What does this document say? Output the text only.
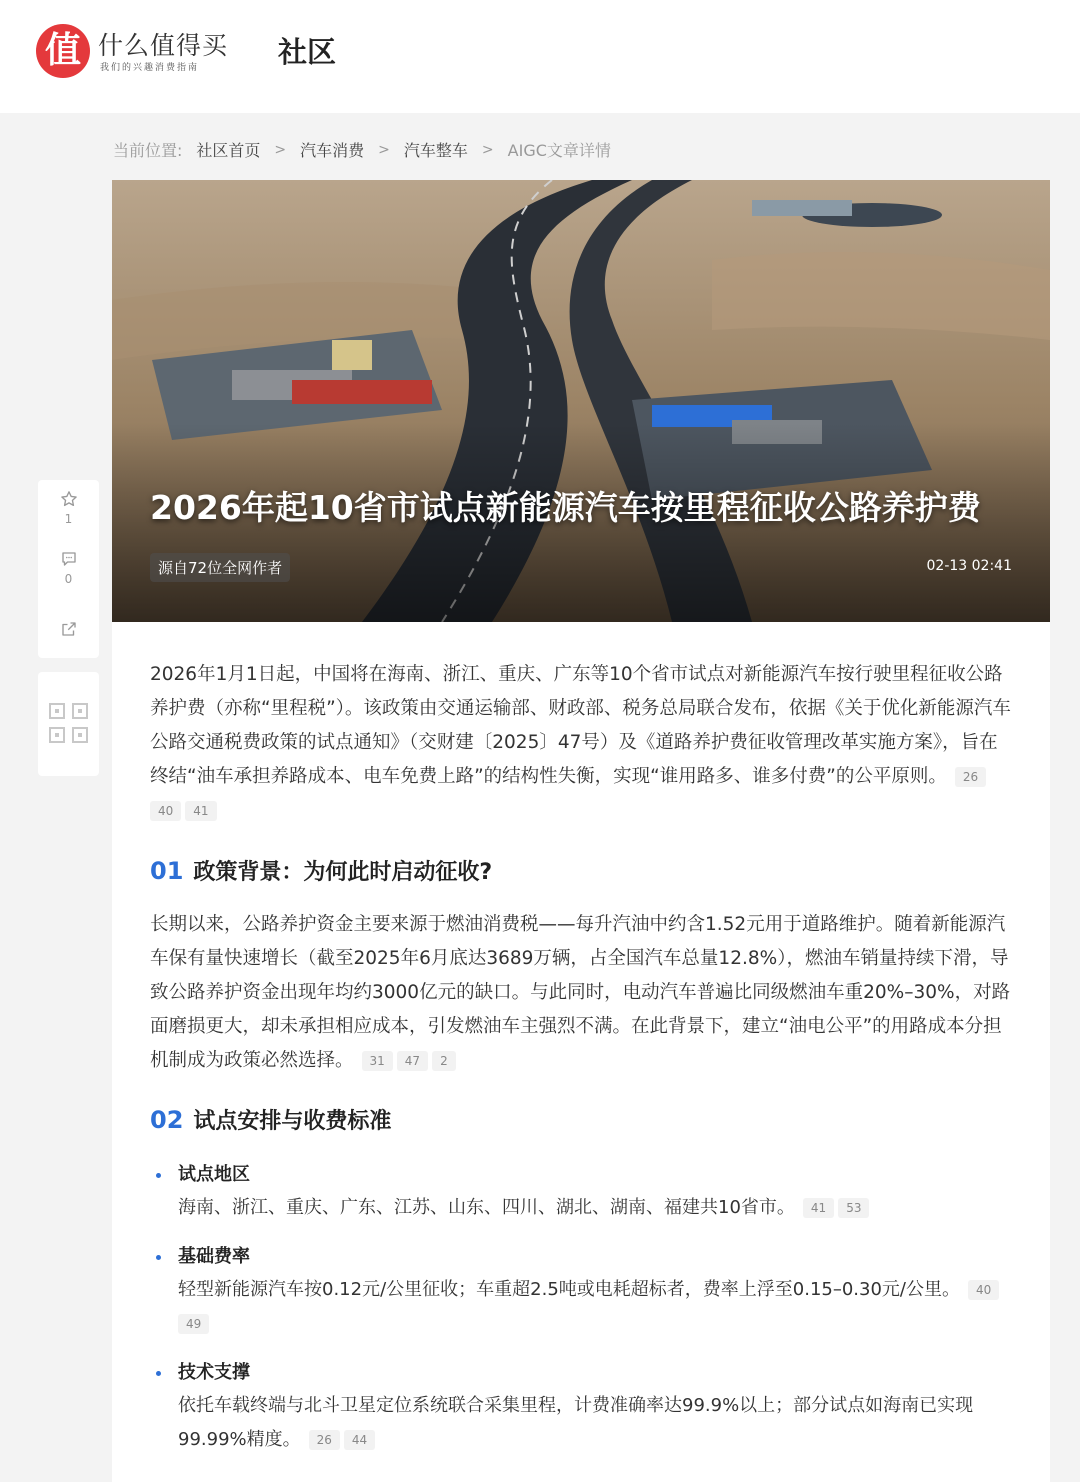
值 什么值得买
我们的兴趣消费指南	社区
当前位置: 社区首页 > 汽车消费 > 汽车整车 > AIGC文章详情
1
0
2026年起10省市试点新能源汽车按里程征收公路养护费
源自72位全网作者	02-13 02:41

2026年1月1日起，中国将在海南、浙江、重庆、广东等10个省市试点对新能源汽车按行驶里程征收公路养护费（亦称“里程税”）。该政策由交通运输部、财政部、税务总局联合发布，依据《关于优化新能源汽车公路交通税费政策的试点通知》（交财建〔2025〕47号）及《道路养护费征收管理改革实施方案》，旨在终结“油车承担养路成本、电车免费上路”的结构性失衡，实现“谁用路多、谁多付费”的公平原则。 2640 41

01 政策背景：为何此时启动征收?

长期以来，公路养护资金主要来源于燃油消费税——每升汽油中约含1.52元用于道路维护。随着新能源汽车保有量快速增长（截至2025年6月底达3689万辆，占全国汽车总量12.8%），燃油车销量持续下滑，导致公路养护资金出现年均约3000亿元的缺口。与此同时，电动汽车普遍比同级燃油车重20%–30%，对路面磨损更大，却未承担相应成本，引发燃油车主强烈不满。在此背景下，建立“油电公平”的用路成本分担机制成为政策必然选择。 31 47 2

02 试点安排与收费标准
试点地区
海南、浙江、重庆、广东、江苏、山东、四川、湖北、湖南、福建共10省市。 41 53
基础费率
轻型新能源汽车按0.12元/公里征收；车重超2.5吨或电耗超标者，费率上浮至0.15–0.30元/公里。 4049
技术支撑
依托车载终端与北斗卫星定位系统联合采集里程，计费准确率达99.9%以上；部分试点如海南已实现99.99%精度。 26 44
